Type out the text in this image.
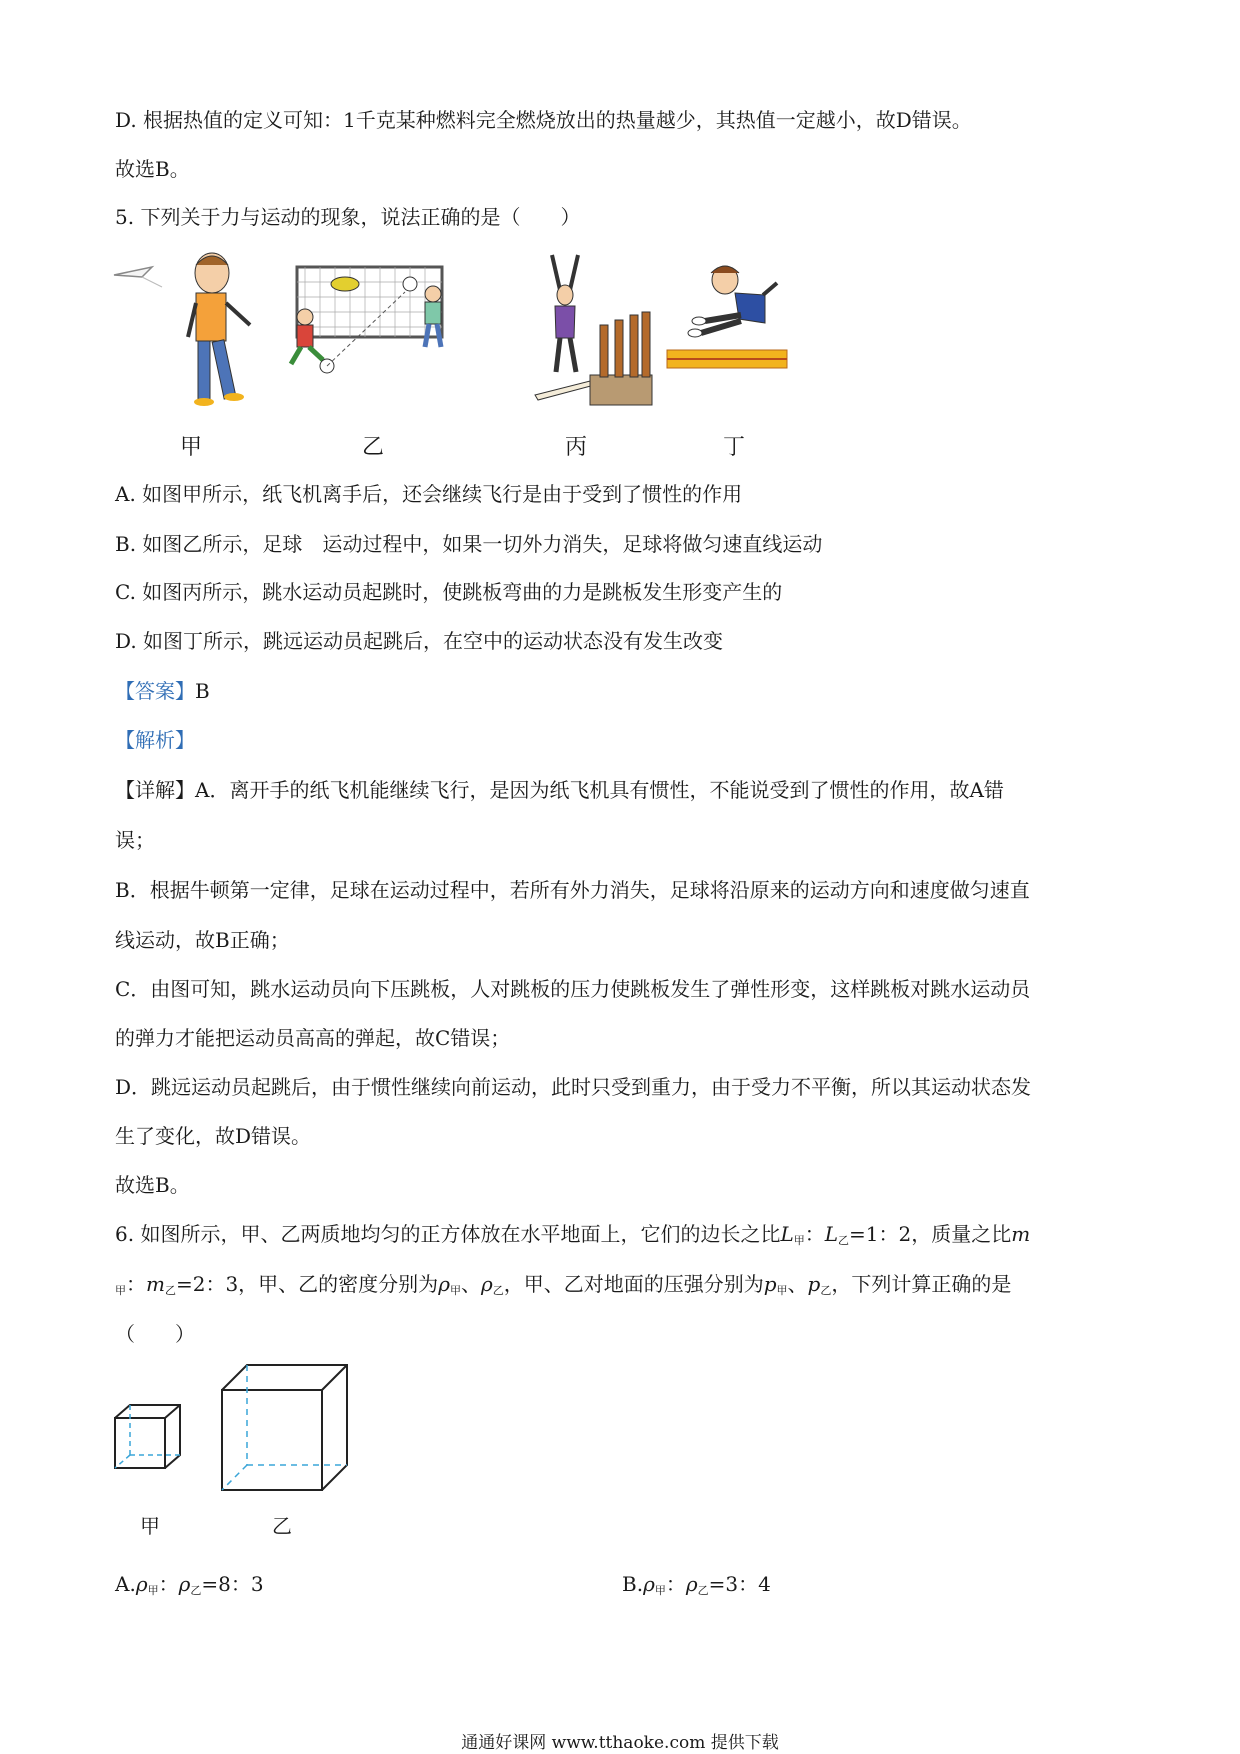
D. 根据热值的定义可知：1千克某种燃料完全燃烧放出的热量越少，其热值一定越小，故D错误。
故选B。
5. 下列关于力与运动的现象，说法正确的是（　　）
甲	乙	丙	丁
A. 如图甲所示，纸飞机离手后，还会继续飞行是由于受到了惯性的作用
B. 如图乙所示，足球　运动过程中，如果一切外力消失，足球将做匀速直线运动
C. 如图丙所示，跳水运动员起跳时，使跳板弯曲的力是跳板发生形变产生的
D. 如图丁所示，跳远运动员起跳后，在空中的运动状态没有发生改变
【答案】B
【解析】
【详解】A．离开手的纸飞机能继续飞行，是因为纸飞机具有惯性，不能说受到了惯性的作用，故A错
误；
B．根据牛顿第一定律，足球在运动过程中，若所有外力消失，足球将沿原来的运动方向和速度做匀速直
线运动，故B正确；
C．由图可知，跳水运动员向下压跳板，人对跳板的压力使跳板发生了弹性形变，这样跳板对跳水运动员
的弹力才能把运动员高高的弹起，故C错误；
D．跳远运动员起跳后，由于惯性继续向前运动，此时只受到重力，由于受力不平衡，所以其运动状态发
生了变化，故D错误。
故选B。
6. 如图所示，甲、乙两质地均匀的正方体放在水平地面上，它们的边长之比$L_甲$：$L_乙=1$：2，质量之比m
$_甲$：$m_乙=2$：3，甲、乙的密度分别为$\rho_甲$、$\rho_乙$，甲、乙对地面的压强分别为$p_甲$、$p_乙$，下列计算正确的是
（　　）
甲	乙
$A.\rho_甲$：$\rho_乙=8$：3	$B.\rho_甲$：$\rho_乙=3$：4
通通好课网 www.tthaoke.com 提供下载
